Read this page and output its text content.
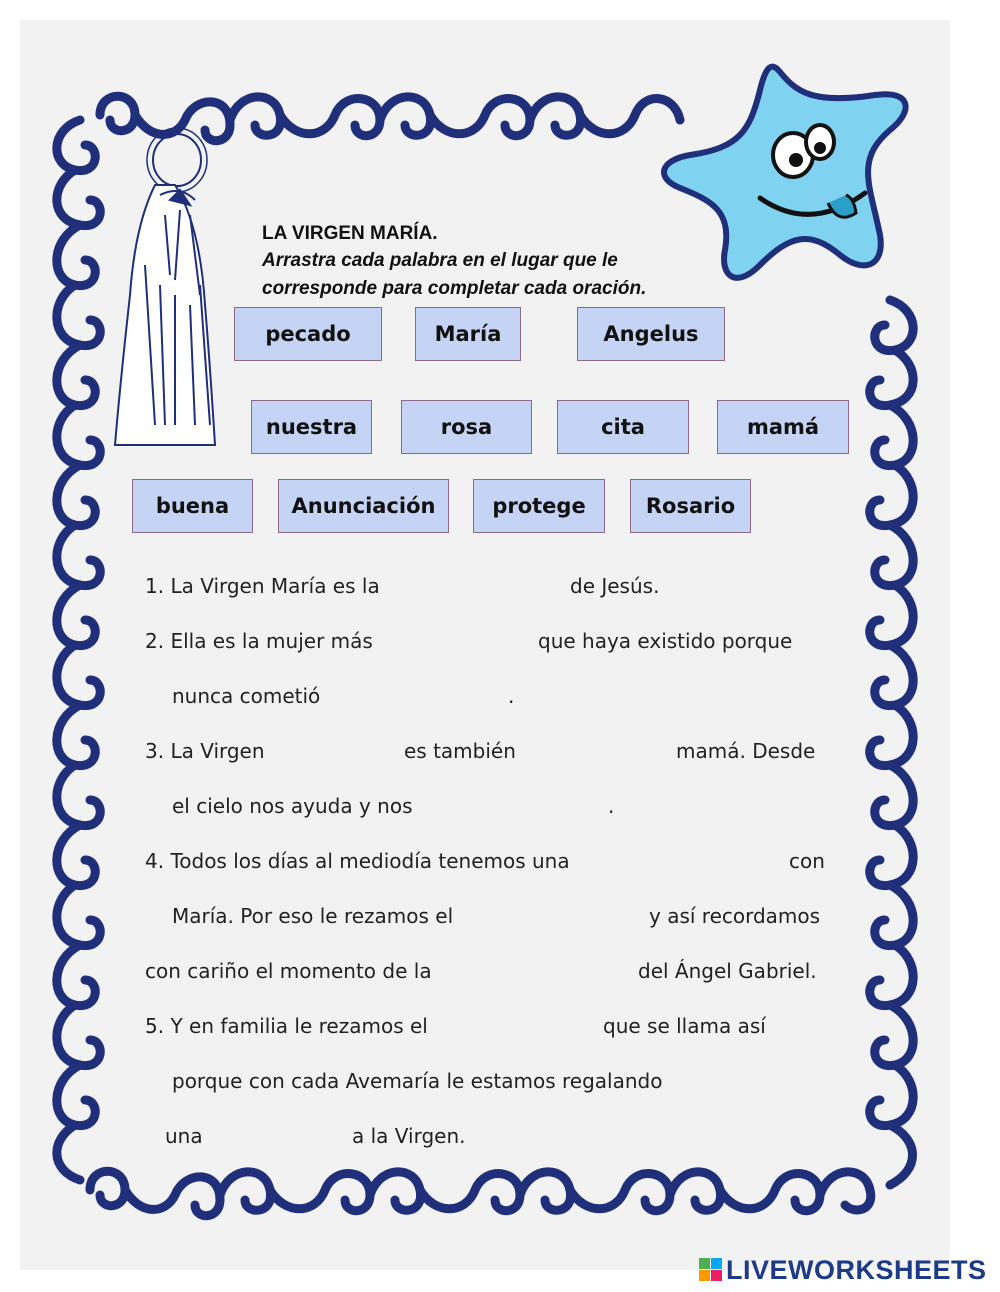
LA VIRGEN MARÍA.
Arrastra cada palabra en el lugar que le
corresponde para completar cada oración.
pecado	María	Angelus
nuestra	rosa	cita	mamá
buena	Anunciación	protege	Rosario
1. La Virgen María es la	de Jesús.
2. Ella es la mujer más	que haya existido porque
nunca cometió	.
3. La Virgen	es también	mamá. Desde
el cielo nos ayuda y nos	.
4. Todos los días al mediodía tenemos una	con
María. Por eso le rezamos el	y así recordamos
con cariño el momento de la	del Ángel Gabriel.
5. Y en familia le rezamos el	que se llama así
porque con cada Avemaría le estamos regalando
una	a la Virgen.
LIVEWORKSHEETS
